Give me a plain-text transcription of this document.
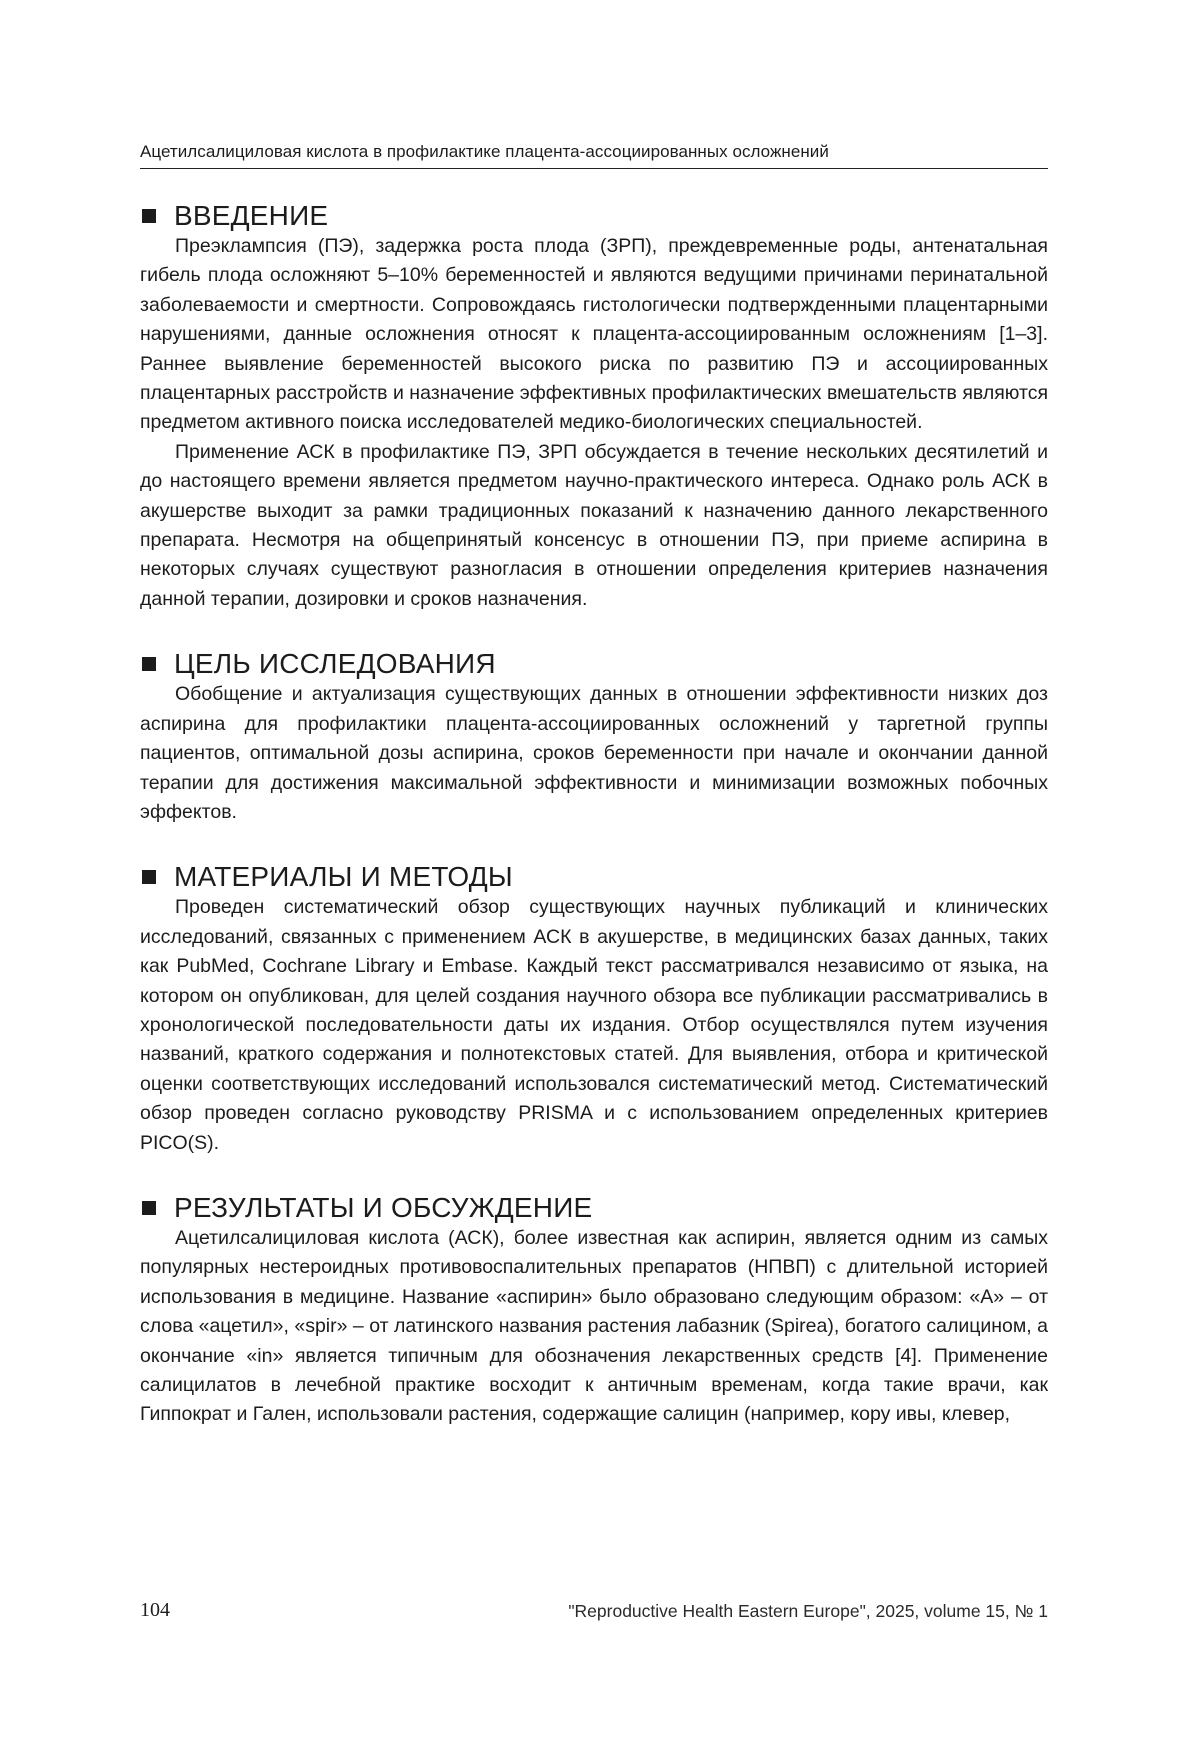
Ацетилсалициловая кислота в профилактике плацента-ассоциированных осложнений
ВВЕДЕНИЕ

Преэклампсия (ПЭ), задержка роста плода (ЗРП), преждевременные роды, антенатальная гибель плода осложняют 5–10% беременностей и являются ведущими причинами перинатальной заболеваемости и смертности. Сопровождаясь гистологически подтвержденными плацентарными нарушениями, данные осложнения относят к плацента-ассоциированным осложнениям [1–3]. Раннее выявление беременностей высокого риска по развитию ПЭ и ассоциированных плацентарных расстройств и назначение эффективных профилактических вмешательств являются предметом активного поиска исследователей медико-биологических специальностей.

Применение АСК в профилактике ПЭ, ЗРП обсуждается в течение нескольких десятилетий и до настоящего времени является предметом научно-практического интереса. Однако роль АСК в акушерстве выходит за рамки традиционных показаний к назначению данного лекарственного препарата. Несмотря на общепринятый консенсус в отношении ПЭ, при приеме аспирина в некоторых случаях существуют разногласия в отношении определения критериев назначения данной терапии, дозировки и сроков назначения.

ЦЕЛЬ ИССЛЕДОВАНИЯ

Обобщение и актуализация существующих данных в отношении эффективности низких доз аспирина для профилактики плацента-ассоциированных осложнений у таргетной группы пациентов, оптимальной дозы аспирина, сроков беременности при начале и окончании данной терапии для достижения максимальной эффективности и минимизации возможных побочных эффектов.

МАТЕРИАЛЫ И МЕТОДЫ

Проведен систематический обзор существующих научных публикаций и клинических исследований, связанных с применением АСК в акушерстве, в медицинских базах данных, таких как PubMed, Cochrane Library и Embase. Каждый текст рассматривался независимо от языка, на котором он опубликован, для целей создания научного обзора все публикации рассматривались в хронологической последовательности даты их издания. Отбор осуществлялся путем изучения названий, краткого содержания и полнотекстовых статей. Для выявления, отбора и критической оценки соответствующих исследований использовался систематический метод. Систематический обзор проведен согласно руководству PRISMA и с использованием определенных критериев PICO(S).

РЕЗУЛЬТАТЫ И ОБСУЖДЕНИЕ

Ацетилсалициловая кислота (АСК), более известная как аспирин, является одним из самых популярных нестероидных противовоспалительных препаратов (НПВП) с длительной историей использования в медицине. Название «аспирин» было образовано следующим образом: «A» – от слова «ацетил», «spir» – от латинского названия растения лабазник (Spirea), богатого салицином, а окончание «in» является типичным для обозначения лекарственных средств [4]. Применение салицилатов в лечебной практике восходит к античным временам, когда такие врачи, как Гиппократ и Гален, использовали растения, содержащие салицин (например, кору ивы, клевер,

104	"Reproductive Health Eastern Europe", 2025, volume 15, № 1
